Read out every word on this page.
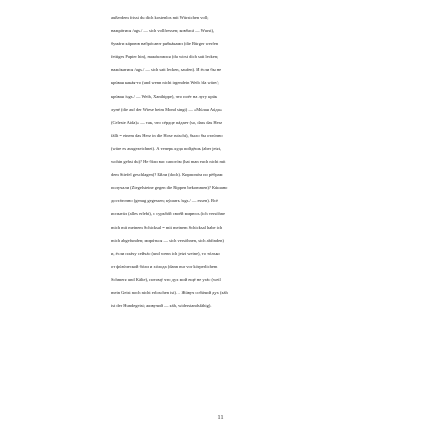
außerdem frisst du dich kostenlos mit Würstchen voll;
нажрáтися /ugs./ — sich vollfressen; ковбасá — Wurst),
бумáги кáрпюв набрóсают рябкáкамп (die Bürger werfen
fettiges Papier hin), нажóкємися (du wirst dich satt lecken;
нажóкатися /ugs./ — sich satt lecken, saufen). И éсли бы не
крúвая какáя-то (und wenn nicht irgendein Weib /da wäre/;
крúвая /ugs./ — Weib, Xanthippe), что поéт на лугу крúк
лунé (die auf der Wiese beim Mond singt) — «Мúлая Аúда»
(Celeste Aida)» — так, что сéрдце пáдает (so, dass das Herz
fällt = einem das Herz in die Hose rutscht), было бы отлúчно
(wäre es ausgezeichnet). А теперь куда пойдёшь (aber jetzt,
wohin gehst du)? Не бíли вас сапогóм (hat man euch nicht mit
dem Stiefel geschlagen)? Бйли (doch). Кирпичóм по рёбрам
получали (Ziegelsteine gegen die Rippen bekommen)? Кúшано
достáточно (genug gegessen; кýшать /ugs./ — essen). Всё
испытáл (alles erlebt), с сурьбóй своéй мирюсь (ich versöhne
mich mit meinem Schicksal = mit meinem Schicksal habe ich
mich abgefunden; мирúться — sich versöhnen, sich abfinden)
и, éсли плáчу сейчáс (und wenn ich jetzt weine), то тóлько
от фúзúческой бóли и хóлода (dann nur vor körperlichem
Schmerz und Kälte), потомý что дух мой ещё не угáс (weil
mein Geist noch nicht erloschen ist)… Жúвуч собáчий дух (zäh
ist der Hundegeist; живучий — zäh, widerstandsfähig).
11
